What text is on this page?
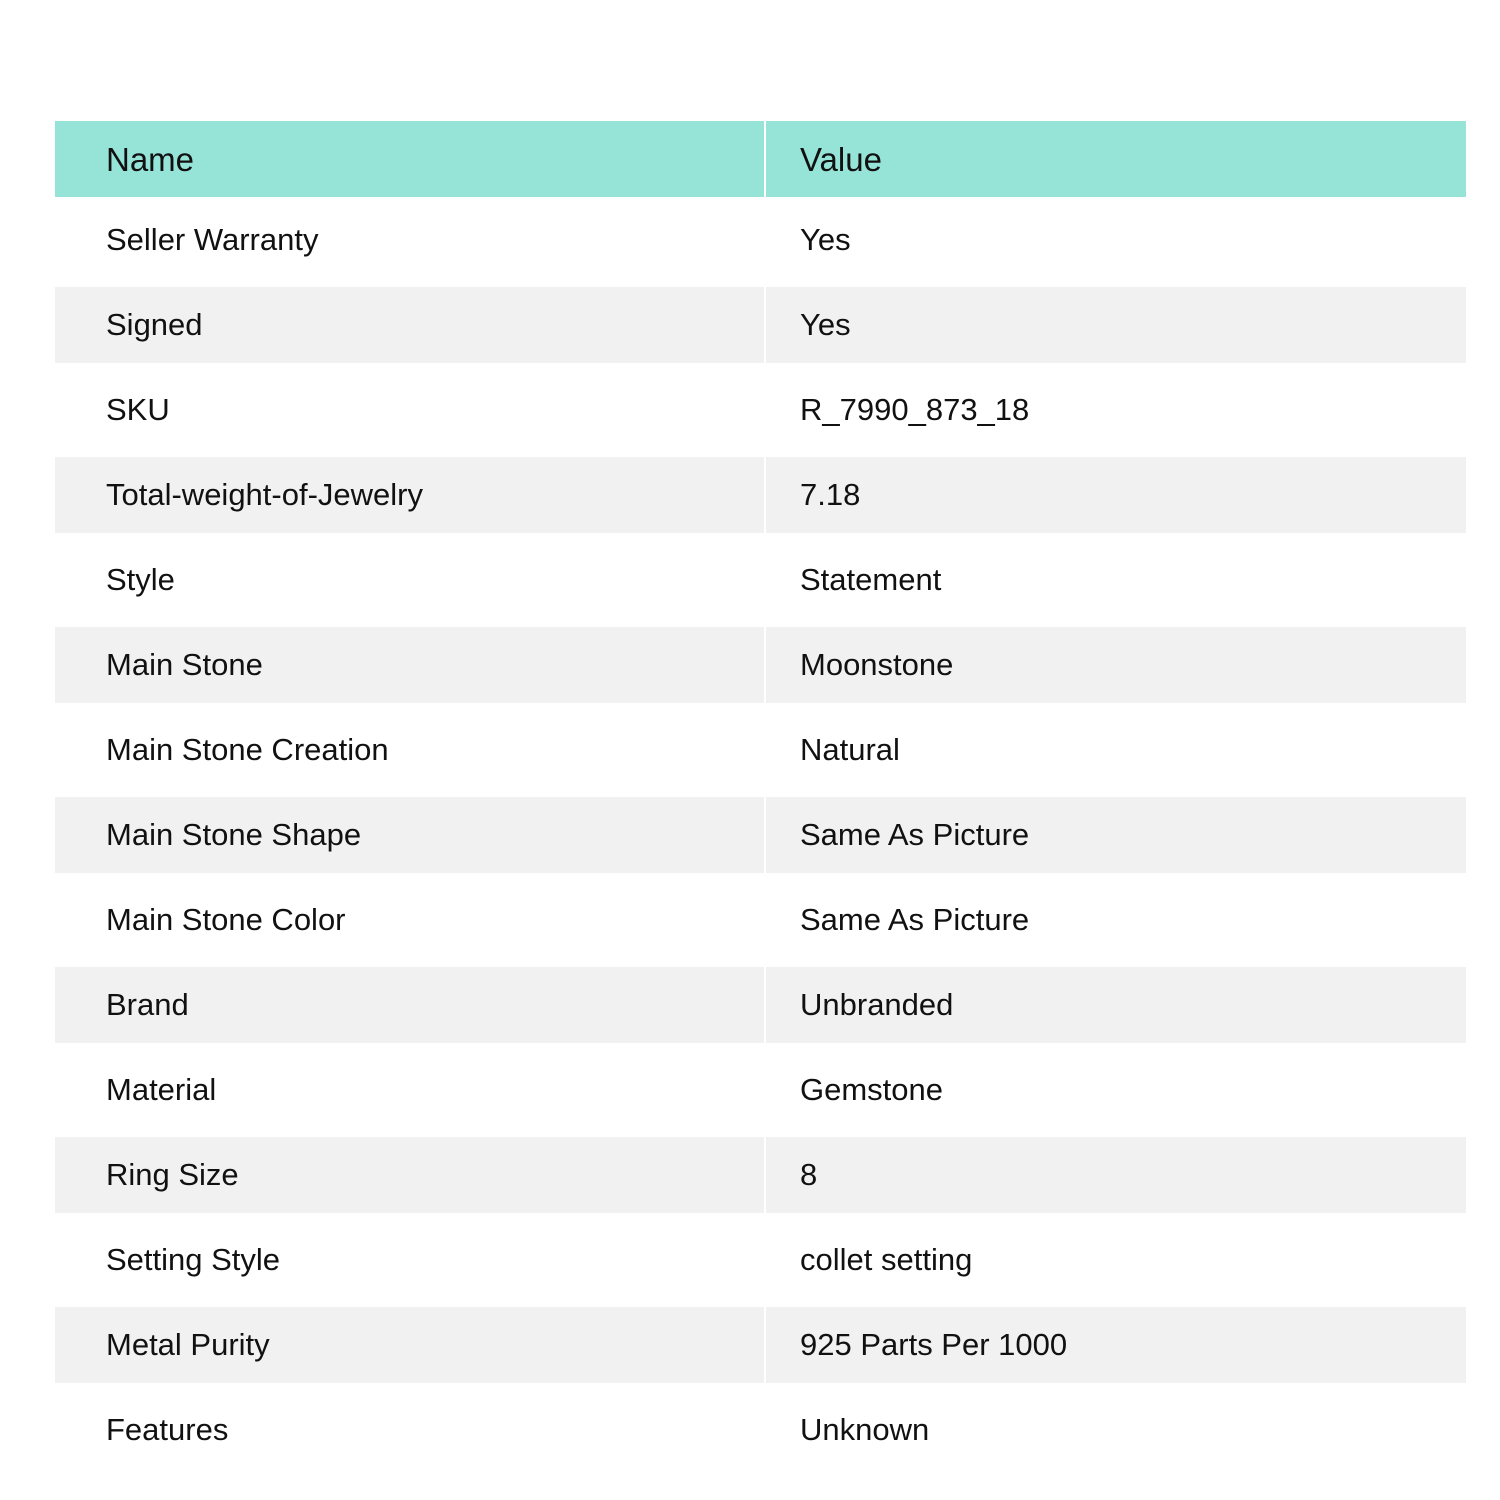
Name	Value
Seller Warranty	Yes
Signed	Yes
SKU	R_7990_873_18
Total-weight-of-Jewelry	7.18
Style	Statement
Main Stone	Moonstone
Main Stone Creation	Natural
Main Stone Shape	Same As Picture
Main Stone Color	Same As Picture
Brand	Unbranded
Material	Gemstone
Ring Size	8
Setting Style	collet setting
Metal Purity	925 Parts Per 1000
Features	Unknown
